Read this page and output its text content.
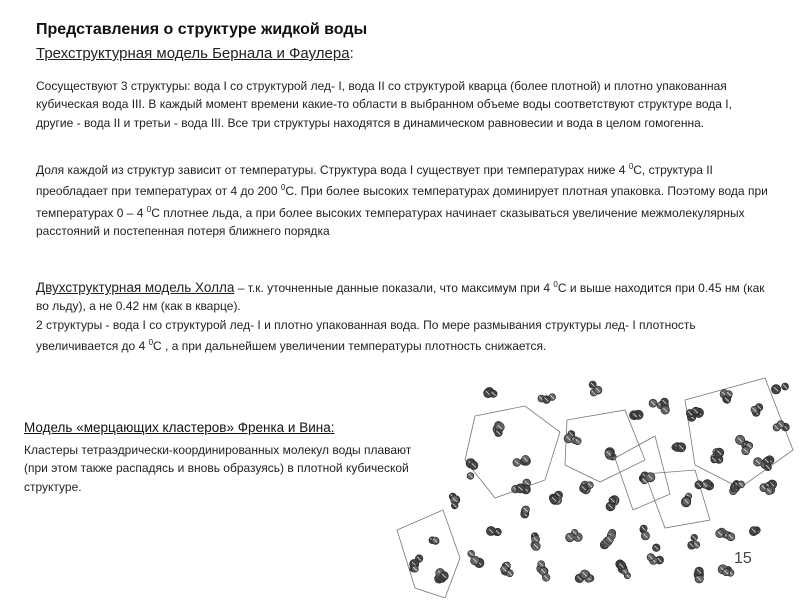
Представления о структуре жидкой воды
Трехструктурная модель Бернала и Фаулера:
Сосуществуют 3 структуры: вода I со структурой лед- I, вода II со структурой кварца (более плотной) и плотно упакованная кубическая вода III. В каждый момент времени какие-то области в выбранном объеме воды соответствуют структуре вода I, другие - вода II и третьи - вода III. Все три структуры находятся в динамическом равновесии и вода в целом гомогенна.
Доля каждой из структур зависит от температуры. Структура вода I существует при температурах ниже 4 $^0$С, структура II преобладает при температурах от 4 до 200 $^0$С. При более высоких температурах доминирует плотная упаковка. Поэтому вода при температурах 0 – 4 $^0$С плотнее льда, а при более высоких температурах начинает сказываться увеличение межмолекулярных расстояний и постепенная потеря ближнего порядка
Двухструктурная модель Холла – т.к. уточненные данные показали, что максимум при 4 $^0$С и выше находится при 0.45 нм (как во льду), а не 0.42 нм (как в кварце).
2 структуры - вода I со структурой лед- I и плотно упакованная вода. По мере размывания структуры лед- I плотность увеличивается до 4 $^0$С , а при дальнейшем увеличении температуры плотность снижается.
Модель «мерцающих кластеров» Френка и Вина:
Кластеры тетраэдрически-координированных молекул воды плавают (при этом также распадясь и вновь образуясь) в плотной кубической структуре.
15
